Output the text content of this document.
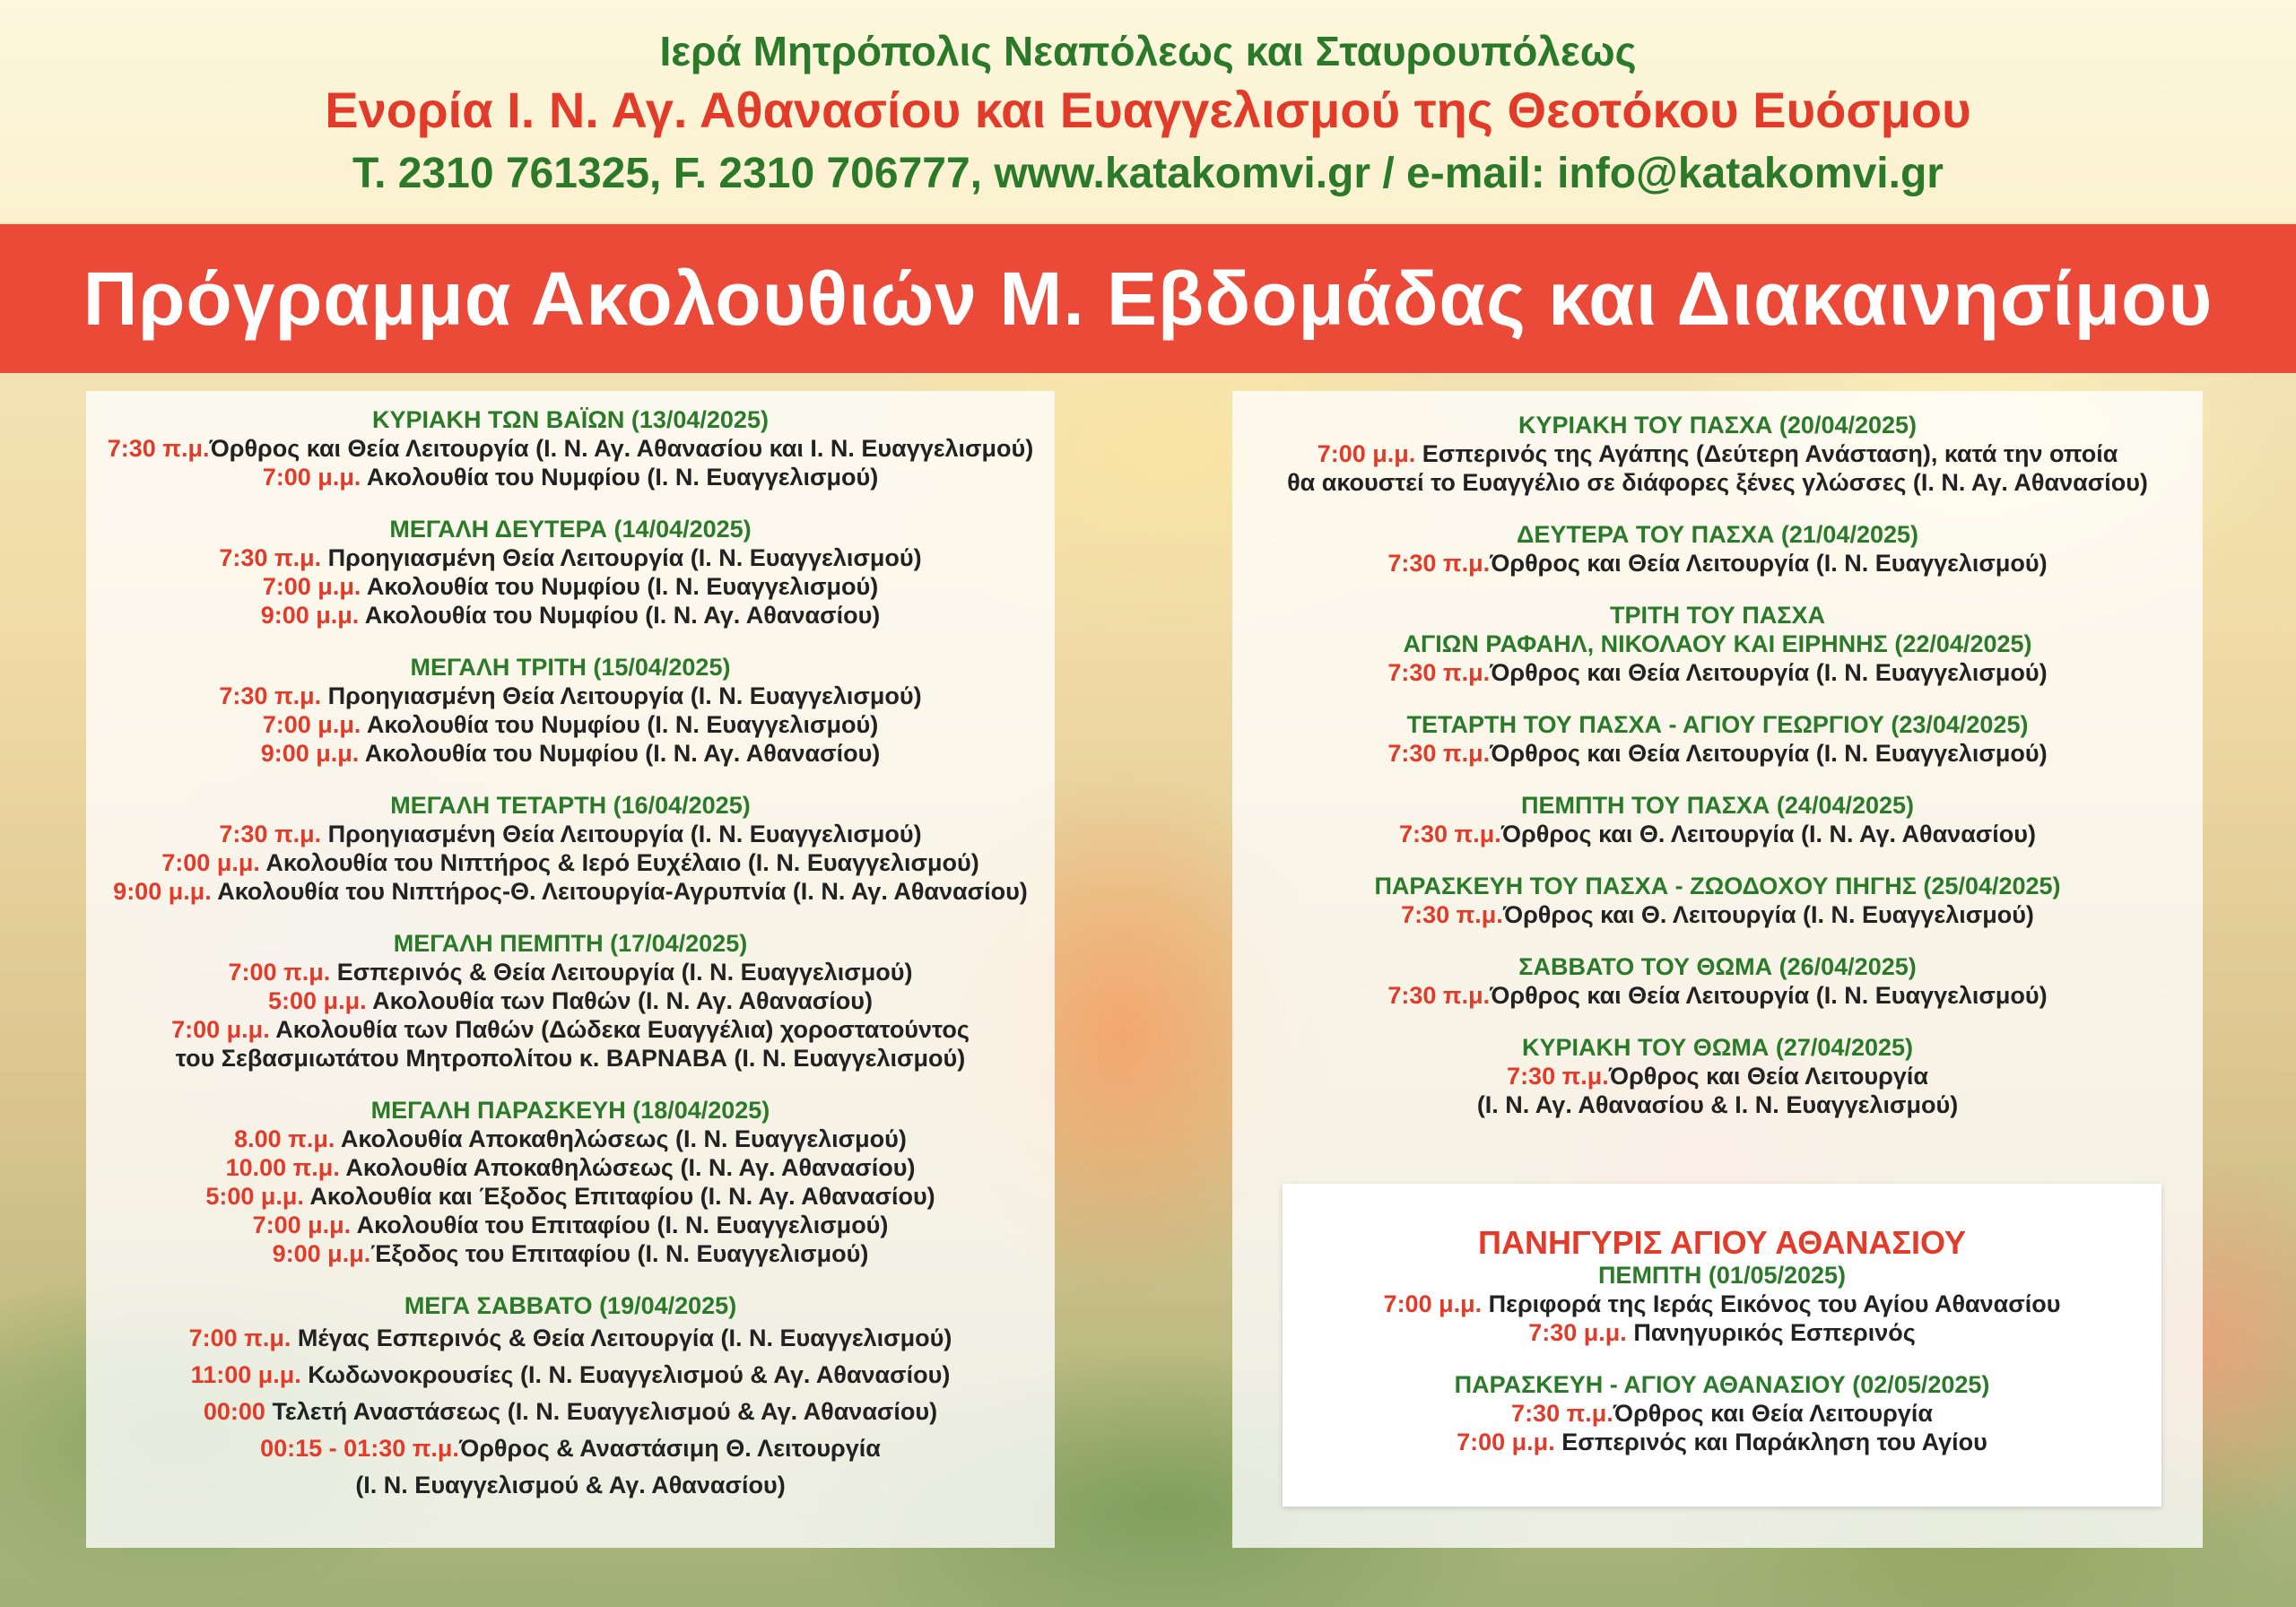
Ιερά Μητρόπολις Νεαπόλεως και Σταυρουπόλεως
Ενορία Ι. Ν. Αγ. Αθανασίου και Ευαγγελισμού της Θεοτόκου Ευόσμου
Τ. 2310 761325, F. 2310 706777, www.katakomvi.gr / e-mail: info@katakomvi.gr
Πρόγραμμα Ακολουθιών Μ. Εβδομάδας και Διακαινησίμου
ΚΥΡΙΑΚΗ ΤΩΝ ΒΑΪΩΝ (13/04/2025)
7:30 π.μ.Όρθρος και Θεία Λειτουργία (Ι. Ν. Αγ. Αθανασίου και Ι. Ν. Ευαγγελισμού)
7:00 μ.μ. Ακολουθία του Νυμφίου (Ι. Ν. Ευαγγελισμού)
ΜΕΓΑΛΗ ΔΕΥΤΕΡΑ (14/04/2025)
7:30 π.μ. Προηγιασμένη Θεία Λειτουργία (Ι. Ν. Ευαγγελισμού)
7:00 μ.μ. Ακολουθία του Νυμφίου (Ι. Ν. Ευαγγελισμού)
9:00 μ.μ. Ακολουθία του Νυμφίου (Ι. Ν. Αγ. Αθανασίου)
ΜΕΓΑΛΗ ΤΡΙΤΗ (15/04/2025)
7:30 π.μ. Προηγιασμένη Θεία Λειτουργία (Ι. Ν. Ευαγγελισμού)
7:00 μ.μ. Ακολουθία του Νυμφίου (Ι. Ν. Ευαγγελισμού)
9:00 μ.μ. Ακολουθία του Νυμφίου (Ι. Ν. Αγ. Αθανασίου)
ΜΕΓΑΛΗ ΤΕΤΑΡΤΗ (16/04/2025)
7:30 π.μ. Προηγιασμένη Θεία Λειτουργία (Ι. Ν. Ευαγγελισμού)
7:00 μ.μ. Ακολουθία του Νιπτήρος & Ιερό Ευχέλαιο (Ι. Ν. Ευαγγελισμού)
9:00 μ.μ. Ακολουθία του Νιπτήρος-Θ. Λειτουργία-Αγρυπνία (Ι. Ν. Αγ. Αθανασίου)
ΜΕΓΑΛΗ ΠΕΜΠΤΗ (17/04/2025)
7:00 π.μ. Εσπερινός & Θεία Λειτουργία (Ι. Ν. Ευαγγελισμού)
5:00 μ.μ. Ακολουθία των Παθών (Ι. Ν. Αγ. Αθανασίου)
7:00 μ.μ. Ακολουθία των Παθών (Δώδεκα Ευαγγέλια) χοροστατούντος
του Σεβασμιωτάτου Μητροπολίτου κ. ΒΑΡΝΑΒΑ (Ι. Ν. Ευαγγελισμού)
ΜΕΓΑΛΗ ΠΑΡΑΣΚΕΥΗ (18/04/2025)
8.00 π.μ. Ακολουθία Αποκαθηλώσεως (Ι. Ν. Ευαγγελισμού)
10.00 π.μ. Ακολουθία Αποκαθηλώσεως (Ι. Ν. Αγ. Αθανασίου)
5:00 μ.μ. Ακολουθία και Έξοδος Επιταφίου (Ι. Ν. Αγ. Αθανασίου)
7:00 μ.μ. Ακολουθία του Επιταφίου (Ι. Ν. Ευαγγελισμού)
9:00 μ.μ.Έξοδος του Επιταφίου (Ι. Ν. Ευαγγελισμού)
ΜΕΓΑ ΣΑΒΒΑΤΟ (19/04/2025)
7:00 π.μ. Μέγας Εσπερινός & Θεία Λειτουργία (Ι. Ν. Ευαγγελισμού)
11:00 μ.μ. Κωδωνοκρουσίες (Ι. Ν. Ευαγγελισμού & Αγ. Αθανασίου)
00:00 Τελετή Αναστάσεως (Ι. Ν. Ευαγγελισμού & Αγ. Αθανασίου)
00:15 - 01:30 π.μ.Όρθρος & Αναστάσιμη Θ. Λειτουργία
(Ι. Ν. Ευαγγελισμού & Αγ. Αθανασίου)
ΚΥΡΙΑΚΗ ΤΟΥ ΠΑΣΧΑ (20/04/2025)
7:00 μ.μ. Εσπερινός της Αγάπης (Δεύτερη Ανάσταση), κατά την οποία
θα ακουστεί το Ευαγγέλιο σε διάφορες ξένες γλώσσες (Ι. Ν. Αγ. Αθανασίου)
ΔΕΥΤΕΡΑ ΤΟΥ ΠΑΣΧΑ (21/04/2025)
7:30 π.μ.Όρθρος και Θεία Λειτουργία (Ι. Ν. Ευαγγελισμού)
ΤΡΙΤΗ ΤΟΥ ΠΑΣΧΑ
ΑΓΙΩΝ ΡΑΦΑΗΛ, ΝΙΚΟΛΑΟΥ ΚΑΙ ΕΙΡΗΝΗΣ (22/04/2025)
7:30 π.μ.Όρθρος και Θεία Λειτουργία (Ι. Ν. Ευαγγελισμού)
ΤΕΤΑΡΤΗ ΤΟΥ ΠΑΣΧΑ - ΑΓΙΟΥ ΓΕΩΡΓΙΟΥ (23/04/2025)
7:30 π.μ.Όρθρος και Θεία Λειτουργία (Ι. Ν. Ευαγγελισμού)
ΠΕΜΠΤΗ ΤΟΥ ΠΑΣΧΑ (24/04/2025)
7:30 π.μ.Όρθρος και Θ. Λειτουργία (Ι. Ν. Αγ. Αθανασίου)
ΠΑΡΑΣΚΕΥΗ ΤΟΥ ΠΑΣΧΑ - ΖΩΟΔΟΧΟΥ ΠΗΓΗΣ (25/04/2025)
7:30 π.μ.Όρθρος και Θ. Λειτουργία (Ι. Ν. Ευαγγελισμού)
ΣΑΒΒΑΤΟ ΤΟΥ ΘΩΜΑ (26/04/2025)
7:30 π.μ.Όρθρος και Θεία Λειτουργία (Ι. Ν. Ευαγγελισμού)
ΚΥΡΙΑΚΗ ΤΟΥ ΘΩΜΑ (27/04/2025)
7:30 π.μ.Όρθρος και Θεία Λειτουργία
(Ι. Ν. Αγ. Αθανασίου & Ι. Ν. Ευαγγελισμού)
ΠΑΝΗΓΥΡΙΣ ΑΓΙΟΥ ΑΘΑΝΑΣΙΟΥ
ΠΕΜΠΤΗ (01/05/2025)
7:00 μ.μ. Περιφορά της Ιεράς Εικόνος του Αγίου Αθανασίου
7:30 μ.μ. Πανηγυρικός Εσπερινός
ΠΑΡΑΣΚΕΥΗ - ΑΓΙΟΥ ΑΘΑΝΑΣΙΟΥ (02/05/2025)
7:30 π.μ.Όρθρος και Θεία Λειτουργία
7:00 μ.μ. Εσπερινός και Παράκληση του Αγίου
